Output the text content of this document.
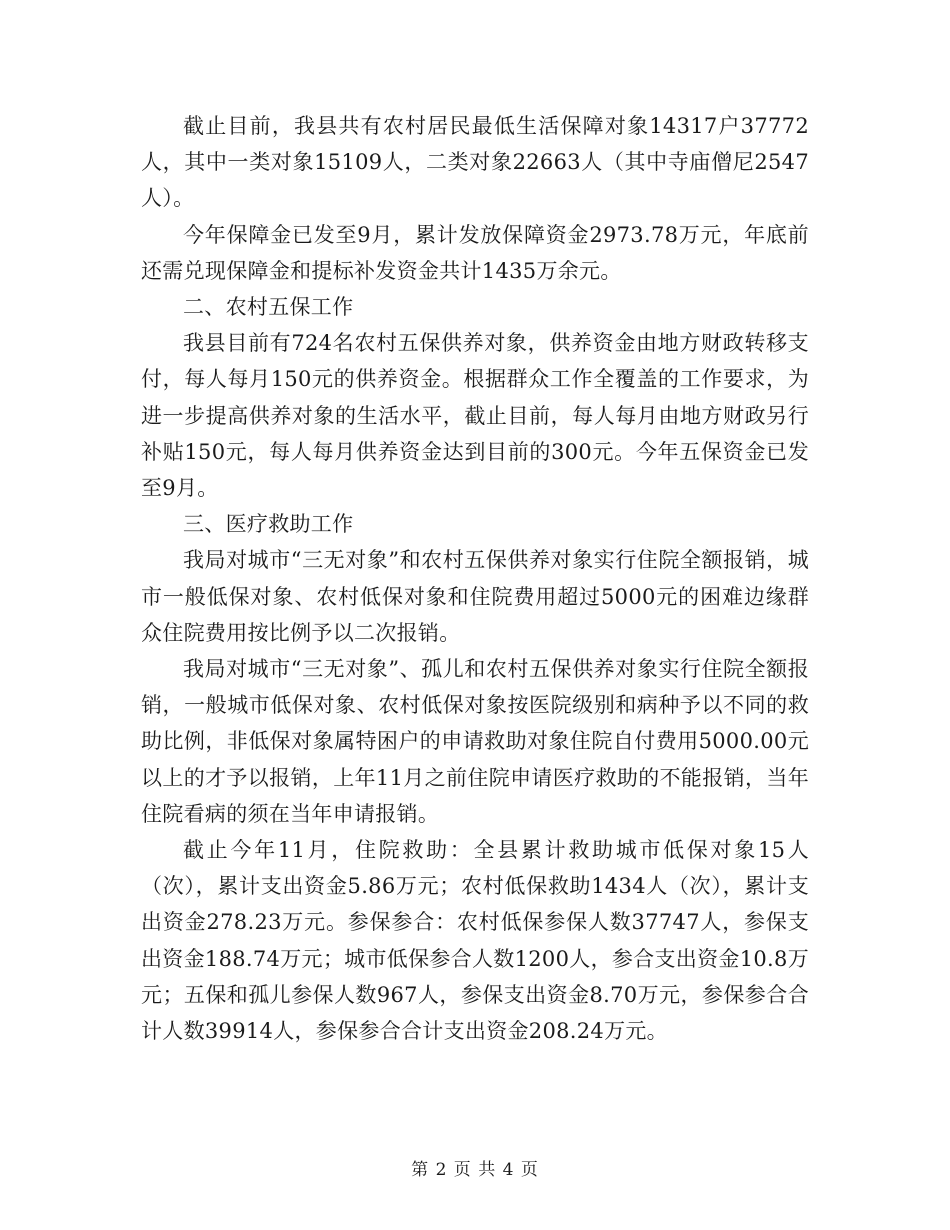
截止目前，我县共有农村居民最低生活保障对象14317户37772人，其中一类对象15109人，二类对象22663人（其中寺庙僧尼2547人）。

今年保障金已发至9月，累计发放保障资金2973.78万元，年底前还需兑现保障金和提标补发资金共计1435万余元。

二、农村五保工作

我县目前有724名农村五保供养对象，供养资金由地方财政转移支付，每人每月150元的供养资金。根据群众工作全覆盖的工作要求，为进一步提高供养对象的生活水平，截止目前，每人每月由地方财政另行补贴150元，每人每月供养资金达到目前的300元。今年五保资金已发至9月。

三、医疗救助工作

我局对城市“三无对象”和农村五保供养对象实行住院全额报销，城市一般低保对象、农村低保对象和住院费用超过5000元的困难边缘群众住院费用按比例予以二次报销。

我局对城市“三无对象”、孤儿和农村五保供养对象实行住院全额报销，一般城市低保对象、农村低保对象按医院级别和病种予以不同的救助比例，非低保对象属特困户的申请救助对象住院自付费用5000.00元以上的才予以报销，上年11月之前住院申请医疗救助的不能报销，当年住院看病的须在当年申请报销。

截止今年11月，住院救助：全县累计救助城市低保对象15人（次），累计支出资金5.86万元；农村低保救助1434人（次），累计支出资金278.23万元。参保参合：农村低保参保人数37747人，参保支出资金188.74万元；城市低保参合人数1200人，参合支出资金10.8万元；五保和孤儿参保人数967人，参保支出资金8.70万元，参保参合合计人数39914人，参保参合合计支出资金208.24万元。

第 2 页 共 4 页
